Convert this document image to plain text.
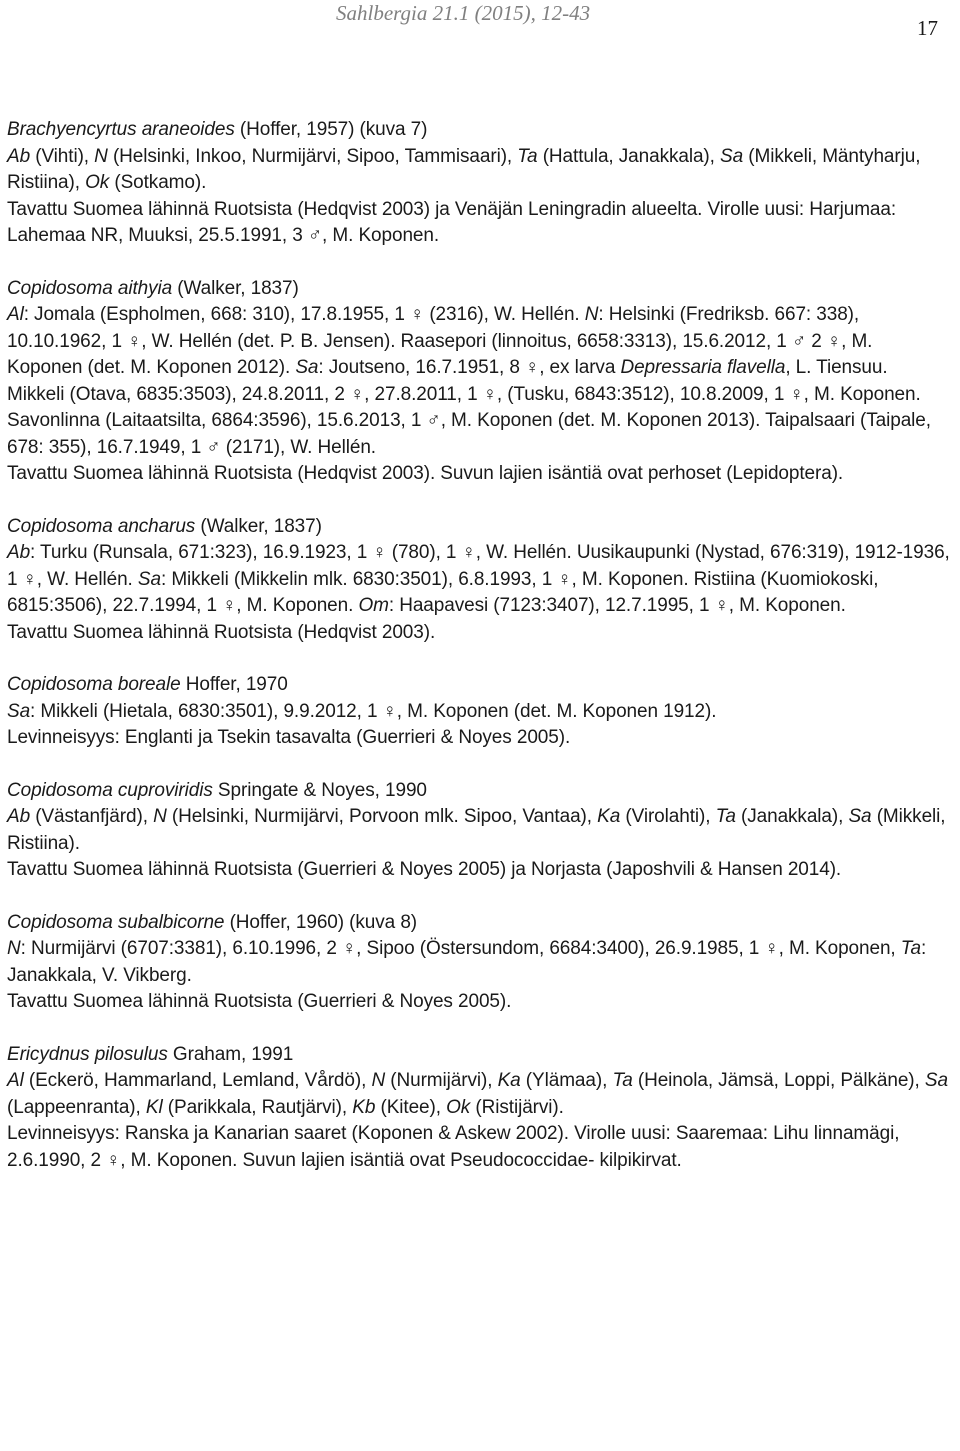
Sahlbergia 21.1 (2015), 12-43
17

Brachyencyrtus araneoides (Hoffer, 1957) (kuva 7)

Ab (Vihti), N (Helsinki, Inkoo, Nurmijärvi, Sipoo, Tammisaari), Ta (Hattula, Janakkala), Sa (Mikkeli, Mäntyharju, Ristiina), Ok (Sotkamo).

Tavattu Suomea lähinnä Ruotsista (Hedqvist 2003) ja Venäjän Leningradin alueelta. Virolle uusi: Harjumaa: Lahemaa NR, Muuksi, 25.5.1991, 3 ♂, M. Koponen.

Copidosoma aithyia (Walker, 1837)

Al: Jomala (Espholmen, 668: 310), 17.8.1955, 1 ♀ (2316), W. Hellén. N: Helsinki (Fredriksb. 667: 338), 10.10.1962, 1 ♀, W. Hellén (det. P. B. Jensen). Raasepori (linnoitus, 6658:3313), 15.6.2012, 1 ♂ 2 ♀, M. Koponen (det. M. Koponen 2012). Sa: Joutseno, 16.7.1951, 8 ♀, ex larva Depressaria flavella, L. Tiensuu. Mikkeli (Otava, 6835:3503), 24.8.2011, 2 ♀, 27.8.2011, 1 ♀, (Tusku, 6843:3512), 10.8.2009, 1 ♀, M. Koponen. Savonlinna (Laitaatsilta, 6864:3596), 15.6.2013, 1 ♂, M. Koponen (det. M. Koponen 2013). Taipalsaari (Taipale, 678: 355), 16.7.1949, 1 ♂ (2171), W. Hellén.

Tavattu Suomea lähinnä Ruotsista (Hedqvist 2003). Suvun lajien isäntiä ovat perhoset (Lepidoptera).

Copidosoma ancharus (Walker, 1837)

Ab: Turku (Runsala, 671:323), 16.9.1923, 1 ♀ (780), 1 ♀, W. Hellén. Uusikaupunki (Nystad, 676:319), 1912-1936, 1 ♀, W. Hellén. Sa: Mikkeli (Mikkelin mlk. 6830:3501), 6.8.1993, 1 ♀, M. Koponen. Ristiina (Kuomiokoski, 6815:3506), 22.7.1994, 1 ♀, M. Koponen. Om: Haapavesi (7123:3407), 12.7.1995, 1 ♀, M. Koponen.

Tavattu Suomea lähinnä Ruotsista (Hedqvist 2003).

Copidosoma boreale Hoffer, 1970

Sa: Mikkeli (Hietala, 6830:3501), 9.9.2012, 1 ♀, M. Koponen (det. M. Koponen 1912).

Levinneisyys: Englanti ja Tsekin tasavalta (Guerrieri & Noyes 2005).

Copidosoma cuproviridis Springate & Noyes, 1990

Ab (Västanfjärd), N (Helsinki, Nurmijärvi, Porvoon mlk. Sipoo, Vantaa), Ka (Virolahti), Ta (Janakkala), Sa (Mikkeli, Ristiina).

Tavattu Suomea lähinnä Ruotsista (Guerrieri & Noyes 2005) ja Norjasta (Japoshvili & Hansen 2014).

Copidosoma subalbicorne (Hoffer, 1960) (kuva 8)

N: Nurmijärvi (6707:3381), 6.10.1996, 2 ♀, Sipoo (Östersundom, 6684:3400), 26.9.1985, 1 ♀, M. Koponen, Ta: Janakkala, V. Vikberg.

Tavattu Suomea lähinnä Ruotsista (Guerrieri & Noyes 2005).

Ericydnus pilosulus Graham, 1991

Al (Eckerö, Hammarland, Lemland, Vårdö), N (Nurmijärvi), Ka (Ylämaa), Ta (Heinola, Jämsä, Loppi, Pälkäne), Sa (Lappeenranta), Kl (Parikkala, Rautjärvi), Kb (Kitee), Ok (Ristijärvi).

Levinneisyys: Ranska ja Kanarian saaret (Koponen & Askew 2002). Virolle uusi: Saaremaa: Lihu linnamägi, 2.6.1990, 2 ♀, M. Koponen. Suvun lajien isäntiä ovat Pseudococcidae- kilpikirvat.
